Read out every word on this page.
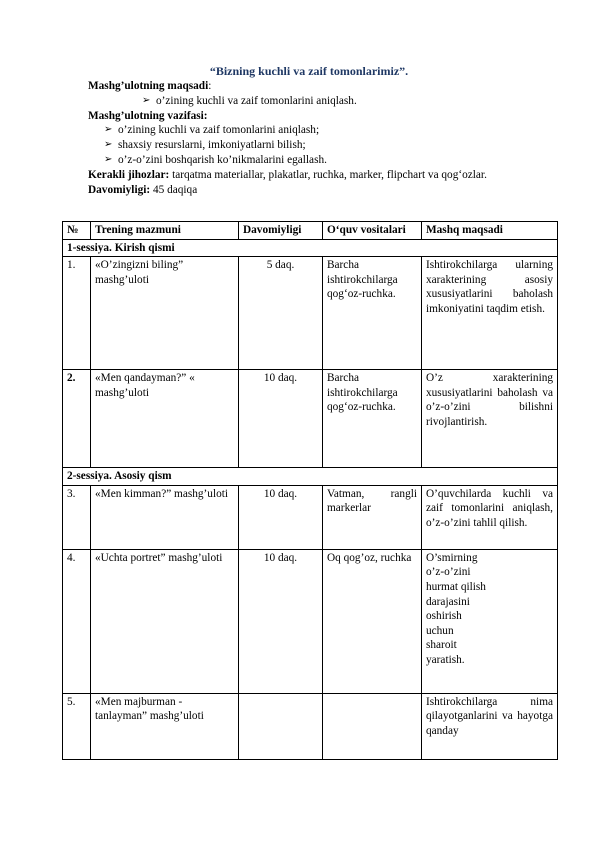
“Bizning kuchli va zaif tomonlarimiz”.
Mashg’ulotning maqsadi:
➢ o’zining kuchli va zaif tomonlarini aniqlash.
Mashg’ulotning vazifasi:
➢ o’zining kuchli va zaif tomonlarini aniqlash;
➢ shaxsiy resurslarni, imkoniyatlarni bilish;
➢ o’z-o’zini boshqarish ko’nikmalarini egallash.
Kerakli jihozlar: tarqatma materiallar, plakatlar, ruchka, marker, flipchart va qog‘ozlar.
Davomiyligi: 45 daqiqa
№	Trening mazmuni	Davomiyligi	O‘quv vositalari	Mashq maqsadi
1-sessiya. Kirish qismi				
1.	«O’zingizni biling” mashg’uloti	5 daq.	Barcha ishtirokchilarga qog‘oz-ruchka.	Ishtirokchilarga ularning xarakterining asosiy xususiyatlarini baholash imkoniyatini taqdim etish.
2.	«Men qandayman?” « mashg’uloti	10 daq.	Barcha ishtirokchilarga qog‘oz-ruchka.	O’z xarakterining xususiyatlarini baholash va o’z-o’zini bilishni rivojlantirish.
2-sessiya. Asosiy qism				
3.	«Men kimman?” mashg’uloti	10 daq.	Vatman, rangli markerlar	O’quvchilarda kuchli va zaif tomonlarini aniqlash, o’z-o’zini tahlil qilish.
4.	«Uchta portret” mashg’uloti	10 daq.	Oq qog’oz, ruchka	O’smirning o’z-o’zini hurmat qilish darajasini oshirish uchun sharoit yaratish.

5.	«Men majburman - tanlayman” mashg’uloti			Ishtirokchilarga nima qilayotganlarini va hayotga qanday
